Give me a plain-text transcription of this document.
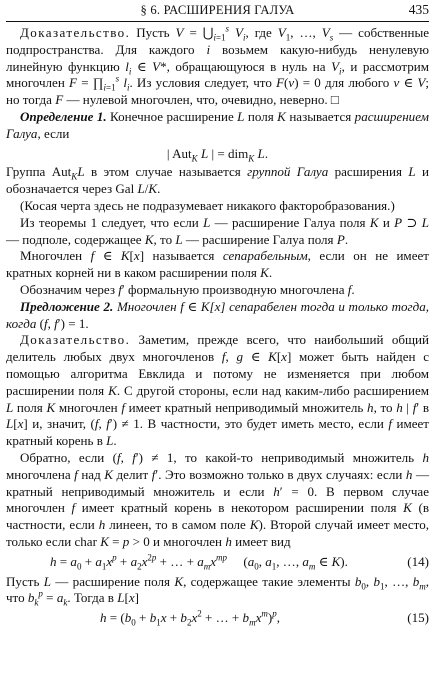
§ 6. РАСШИРЕНИЯ ГАЛУА	435

Доказательство. Пусть $V = ⋃_{i=1}^s$ $V_i$, где $V_1$, …, $V_s$ — собственные подпространства. Для каждого i возьмем какую-нибудь ненулевую линейную функцию $l_i$ ∈ V*, обращающуюся в нуль на $V_i$, и рассмотрим многочлен $F = \prod_{i=1}^s$ $l_i$. Из условия следует, что F(v) = 0 для любого v ∈ V; но тогда F — нулевой многочлен, что, очевидно, неверно. □

Определение 1. Конечное расширение L поля K называется расширением Галуа, если

| Aut$_K$ L | = dim$_K$ L.

Группа Aut$_K$L в этом случае называется группой Галуа расширения L и обозначается через Gal L/K.

(Косая черта здесь не подразумевает никакого факторобразования.)

Из теоремы 1 следует, что если L — расширение Галуа поля K и P ⊃ L — подполе, содержащее K, то L — расширение Галуа поля P.

Многочлен f ∈ K[x] называется сепарабельным, если он не имеет кратных корней ни в каком расширении поля K.

Обозначим через f′ формальную производную многочлена f.

Предложение 2. Многочлен f ∈ K[x] сепарабелен тогда и только тогда, когда (f, f′) = 1.

Доказательство. Заметим, прежде всего, что наибольший общий делитель любых двух многочленов f, g ∈ K[x] может быть найден с помощью алгоритма Евклида и потому не изменяется при любом расширении поля K. С другой стороны, если над каким-либо расширением L поля K многочлен f имеет кратный неприводимый множитель h, то h | f′ в L[x] и, значит, (f, f′) ≠ 1. В частности, это будет иметь место, если f имеет кратный корень в L.

Обратно, если (f, f′) ≠ 1, то какой-то неприводимый множитель h многочлена f над K делит f′. Это возможно только в двух случаях: если h — кратный неприводимый множитель и если h′ = 0. В первом случае многочлен f имеет кратный корень в некотором расширении поля K (в частности, если h линеен, то в самом поле K). Второй случай имеет место, только если char K = p > 0 и многочлен h имеет вид

$h = a_0 + a_1x^p + a_2x^{2p}$ + … + $a_mx^{mp}$     ($a_0$, $a_1$, …, $a_m$ ∈ K).	(14)

Пусть L — расширение поля K, содержащее такие элементы $b_0$, $b_1$, …, $b_m$, что $b_k^p = a_k$. Тогда в L[x]

$h = (b_0 + b_1x + b_2x^2$ + … + $b_mx^m)^p$,	(15)
